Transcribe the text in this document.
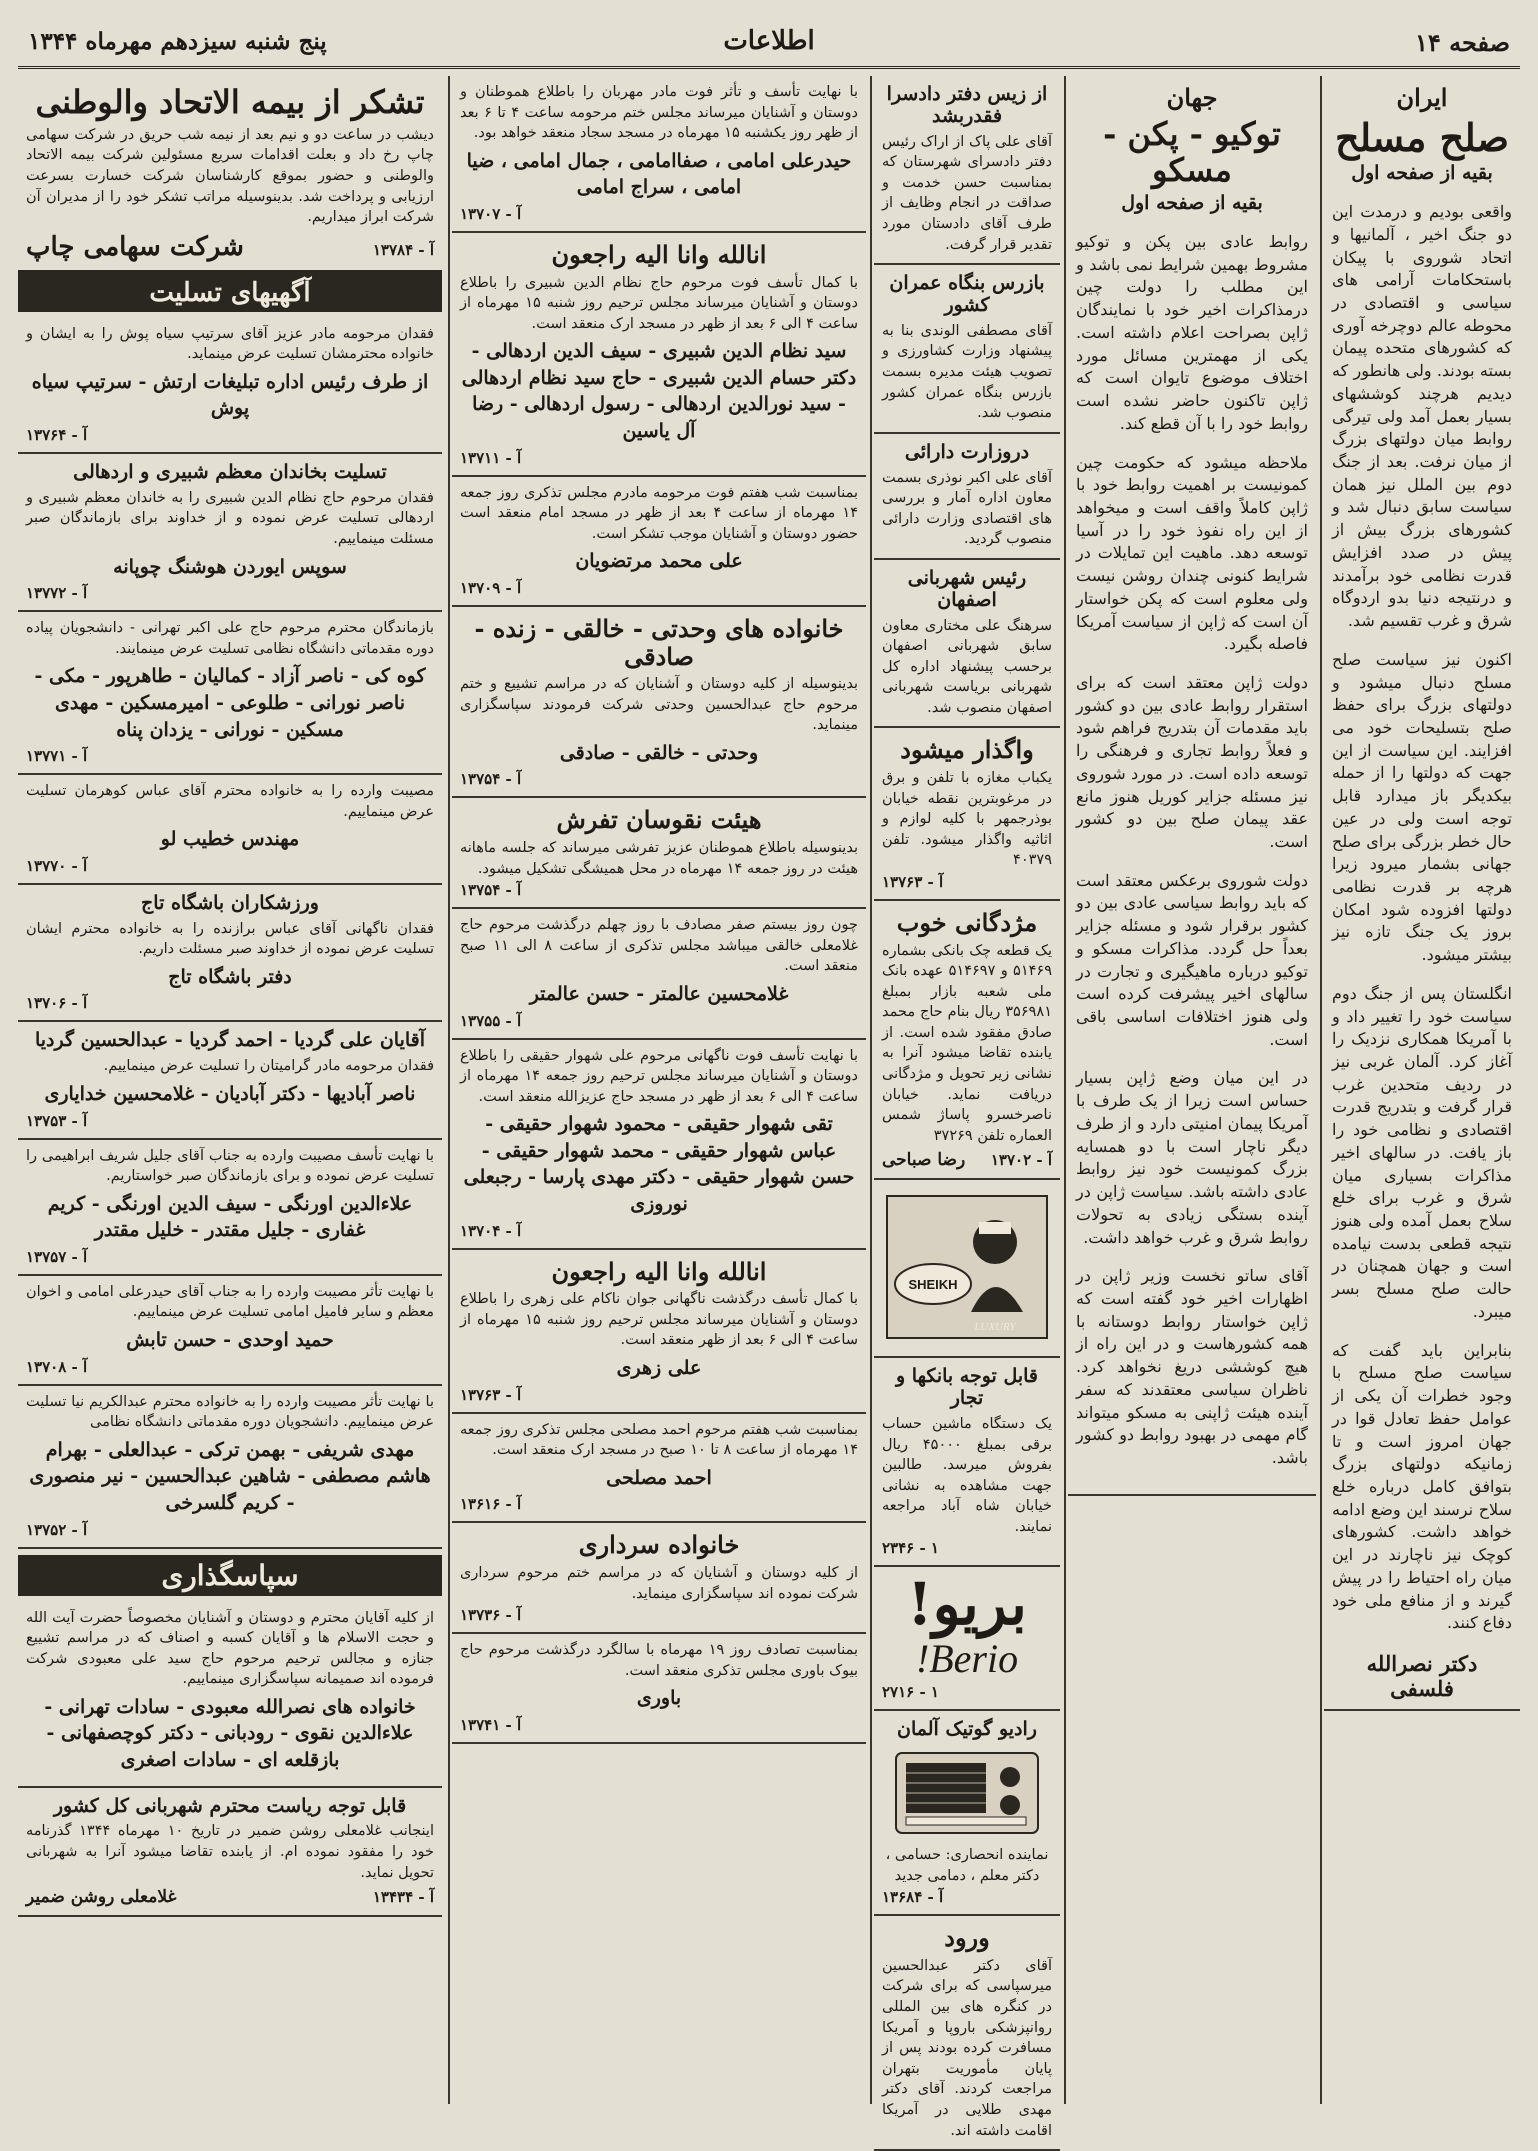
صفحه ۱۴
اطلاعات
پنج شنبه سیزدهم مهرماه ۱۳۴۴
ایران
صلح مسلح
بقیه از صفحه اول

واقعی بودیم و درمدت این دو جنگ اخیر ، آلمانیها و اتحاد شوروی با پیکان باستحکامات آرامی های سیاسی و اقتصادی در محوطه عالم دوچرخه آوری که کشورهای متحده پیمان بسته بودند. ولی هانطور که دیدیم هرچند کوششهای بسیار بعمل آمد ولی تیرگی روابط میان دولتهای بزرگ از میان نرفت. بعد از جنگ دوم بین الملل نیز همان سیاست سابق دنبال شد و کشورهای بزرگ بیش از پیش در صدد افزایش قدرت نظامی خود برآمدند و درنتیجه دنیا بدو اردوگاه شرق و غرب تقسیم شد.

اکنون نیز سیاست صلح مسلح دنبال میشود و دولتهای بزرگ برای حفظ صلح بتسلیحات خود می افزایند. این سیاست از این جهت که دولتها را از حمله بیکدیگر باز میدارد قابل توجه است ولی در عین حال خطر بزرگی برای صلح جهانی بشمار میرود زیرا هرچه بر قدرت نظامی دولتها افزوده شود امکان بروز یک جنگ تازه نیز بیشتر میشود.

انگلستان پس از جنگ دوم سیاست خود را تغییر داد و با آمریکا همکاری نزدیک را آغاز کرد. آلمان غربی نیز در ردیف متحدین غرب قرار گرفت و بتدریج قدرت اقتصادی و نظامی خود را باز یافت. در سالهای اخیر مذاکرات بسیاری میان شرق و غرب برای خلع سلاح بعمل آمده ولی هنوز نتیجه قطعی بدست نیامده است و جهان همچنان در حالت صلح مسلح بسر میبرد.

بنابراین باید گفت که سیاست صلح مسلح با وجود خطرات آن یکی از عوامل حفظ تعادل قوا در جهان امروز است و تا زمانیکه دولتهای بزرگ بتوافق کامل درباره خلع سلاح نرسند این وضع ادامه خواهد داشت. کشورهای کوچک نیز ناچارند در این میان راه احتیاط را در پیش گیرند و از منافع ملی خود دفاع کنند.

دکتر نصرالله فلسفی
جهان
توکیو - پکن - مسکو
بقیه از صفحه اول

روابط عادی بین پکن و توکیو مشروط بهمین شرایط نمی باشد و این مطلب را دولت چین درمذاکرات اخیر خود با نمایندگان ژاپن بصراحت اعلام داشته است. یکی از مهمترین مسائل مورد اختلاف موضوع تایوان است که ژاپن تاکنون حاضر نشده است روابط خود را با آن قطع کند.

ملاحظه میشود که حکومت چین کمونیست بر اهمیت روابط خود با ژاپن کاملاً واقف است و میخواهد از این راه نفوذ خود را در آسیا توسعه دهد. ماهیت این تمایلات در شرایط کنونی چندان روشن نیست ولی معلوم است که پکن خواستار آن است که ژاپن از سیاست آمریکا فاصله بگیرد.

دولت ژاپن معتقد است که برای استقرار روابط عادی بین دو کشور باید مقدمات آن بتدریج فراهم شود و فعلاً روابط تجاری و فرهنگی را توسعه داده است. در مورد شوروی نیز مسئله جزایر کوریل هنوز مانع عقد پیمان صلح بین دو کشور است.

دولت شوروی برعکس معتقد است که باید روابط سیاسی عادی بین دو کشور برقرار شود و مسئله جزایر بعداً حل گردد. مذاکرات مسکو و توکیو درباره ماهیگیری و تجارت در سالهای اخیر پیشرفت کرده است ولی هنوز اختلافات اساسی باقی است.

در این میان وضع ژاپن بسیار حساس است زیرا از یک طرف با آمریکا پیمان امنیتی دارد و از طرف دیگر ناچار است با دو همسایه بزرگ کمونیست خود نیز روابط عادی داشته باشد. سیاست ژاپن در آینده بستگی زیادی به تحولات روابط شرق و غرب خواهد داشت.

آقای ساتو نخست وزیر ژاپن در اظهارات اخیر خود گفته است که ژاپن خواستار روابط دوستانه با همه کشورهاست و در این راه از هیچ کوششی دریغ نخواهد کرد. ناظران سیاسی معتقدند که سفر آینده هیئت ژاپنی به مسکو میتواند گام مهمی در بهبود روابط دو کشور باشد.

از زیس دفتر دادسرا فقدربشد
آقای علی پاک از اراک رئیس دفتر دادسرای شهرستان که بمناسبت حسن خدمت و صداقت در انجام وظایف از طرف آقای دادستان مورد تقدیر قرار گرفت.
بازرس بنگاه عمران کشور
آقای مصطفی الوندی بنا به پیشنهاد وزارت کشاورزی و تصویب هیئت مدیره بسمت بازرس بنگاه عمران کشور منصوب شد.
دروزارت دارائی
آقای علی اکبر نوذری بسمت معاون اداره آمار و بررسی های اقتصادی وزارت دارائی منصوب گردید.
رئیس شهربانی اصفهان
سرهنگ علی مختاری معاون سابق شهربانی اصفهان برحسب پیشنهاد اداره کل شهربانی بریاست شهربانی اصفهان منصوب شد.
واگذار میشود
یکباب مغازه با تلفن و برق در مرغوبترین نقطه خیابان بوذرجمهر با کلیه لوازم و اثاثیه واگذار میشود. تلفن ۴۰۳۷۹
آ - ۱۳۷۶۳
مژدگانی خوب
یک قطعه چک بانکی بشماره ۵۱۴۶۹ و ۵۱۴۶۹۷ عهده بانک ملی شعبه بازار بمبلغ ۳۵۶۹۸۱ ریال بنام حاج محمد صادق مفقود شده است. از یابنده تقاضا میشود آنرا به نشانی زیر تحویل و مژدگانی دریافت نماید. خیابان ناصرخسرو پاساژ شمس العماره تلفن ۳۷۲۶۹
آ - ۱۳۷۰۲
رضا صباحی
SHEIKH
LUXURY
قابل توجه بانکها و تجار
یک دستگاه ماشین حساب برقی بمبلغ ۴۵۰۰۰ ریال بفروش میرسد. طالبین جهت مشاهده به نشانی خیابان شاه آباد مراجعه نمایند.
۲۳۴۶ - ۱
بریو!
Berio!
۲۷۱۶ - ۱
رادیو گوتیک آلمان
نماینده انحصاری: حسامی ، دکتر معلم ، دمامی جدید
آ - ۱۳۶۸۴
ورود
آقای دکتر عبدالحسین میرسپاسی که برای شرکت در کنگره های بین المللی روانپزشکی باروپا و آمریکا مسافرت کرده بودند پس از پایان مأموریت بتهران مراجعت کردند. آقای دکتر مهدی طلایی در آمریکا اقامت داشته اند.
با نهایت تأسف و تأثر فوت مادر مهربان را باطلاع هموطنان و دوستان و آشنایان میرساند مجلس ختم مرحومه ساعت ۴ تا ۶ بعد از ظهر روز یکشنبه ۱۵ مهرماه در مسجد سجاد منعقد خواهد بود.
حیدرعلی امامی ، صفاامامی ، جمال امامی ، ضیا امامی ، سراج امامی
آ - ۱۳۷۰۷
انالله وانا الیه راجعون
با کمال تأسف فوت مرحوم حاج نظام الدین شبیری را باطلاع دوستان و آشنایان میرساند مجلس ترحیم روز شنبه ۱۵ مهرماه از ساعت ۴ الی ۶ بعد از ظهر در مسجد ارک منعقد است.
سید نظام الدین شبیری - سیف الدین اردهالی - دکتر حسام الدین شبیری - حاج سید نظام اردهالی - سید نورالدین اردهالی - رسول اردهالی - رضا آل یاسین
آ - ۱۳۷۱۱
بمناسبت شب هفتم فوت مرحومه مادرم مجلس تذکری روز جمعه ۱۴ مهرماه از ساعت ۴ بعد از ظهر در مسجد امام منعقد است حضور دوستان و آشنایان موجب تشکر است.
علی محمد مرتضویان
آ - ۱۳۷۰۹
خانواده های وحدتی - خالقی - زنده - صادقی
بدینوسیله از کلیه دوستان و آشنایان که در مراسم تشییع و ختم مرحوم حاج عبدالحسین وحدتی شرکت فرمودند سپاسگزاری مینماید.
وحدتی - خالقی - صادقی
آ - ۱۳۷۵۴
هیئت نقوسان تفرش
بدینوسیله باطلاع هموطنان عزیز تفرشی میرساند که جلسه ماهانه هیئت در روز جمعه ۱۴ مهرماه در محل همیشگی تشکیل میشود.
آ - ۱۳۷۵۴
چون روز بیستم صفر مصادف با روز چهلم درگذشت مرحوم حاج غلامعلی خالقی میباشد مجلس تذکری از ساعت ۸ الی ۱۱ صبح منعقد است.
غلامحسین عالمتر - حسن عالمتر
آ - ۱۳۷۵۵
با نهایت تأسف فوت ناگهانی مرحوم علی شهوار حقیقی را باطلاع دوستان و آشنایان میرساند مجلس ترحیم روز جمعه ۱۴ مهرماه از ساعت ۴ الی ۶ بعد از ظهر در مسجد حاج عزیزالله منعقد است.
تقی شهوار حقیقی - محمود شهوار حقیقی - عباس شهوار حقیقی - محمد شهوار حقیقی - حسن شهوار حقیقی - دکتر مهدی پارسا - رجبعلی نوروزی
آ - ۱۳۷۰۴
انالله وانا الیه راجعون
با کمال تأسف درگذشت ناگهانی جوان ناکام علی زهری را باطلاع دوستان و آشنایان میرساند مجلس ترحیم روز شنبه ۱۵ مهرماه از ساعت ۴ الی ۶ بعد از ظهر منعقد است.
علی زهری
آ - ۱۳۷۶۳
بمناسبت شب هفتم مرحوم احمد مصلحی مجلس تذکری روز جمعه ۱۴ مهرماه از ساعت ۸ تا ۱۰ صبح در مسجد ارک منعقد است.
احمد مصلحی
آ - ۱۳۶۱۶
خانواده سرداری
از کلیه دوستان و آشنایان که در مراسم ختم مرحوم سرداری شرکت نموده اند سپاسگزاری مینماید.
آ - ۱۳۷۳۶
بمناسبت تصادف روز ۱۹ مهرماه با سالگرد درگذشت مرحوم حاج بیوک باوری مجلس تذکری منعقد است.
باوری
آ - ۱۳۷۴۱
تشکر از بیمه الاتحاد والوطنی
دیشب در ساعت دو و نیم بعد از نیمه شب حریق در شرکت سهامی چاپ رخ داد و بعلت اقدامات سریع مسئولین شرکت بیمه الاتحاد والوطنی و حضور بموقع کارشناسان شرکت خسارت بسرعت ارزیابی و پرداخت شد. بدینوسیله مراتب تشکر خود را از مدیران آن شرکت ابراز میداریم.
آ - ۱۳۷۸۴
شرکت سهامی چاپ
آگهیهای تسلیت
فقدان مرحومه مادر عزیز آقای سرتیپ سیاه پوش را به ایشان و خانواده محترمشان تسلیت عرض مینماید.
از طرف رئیس اداره تبلیغات ارتش - سرتیپ سیاه پوش
آ - ۱۳۷۶۴
تسلیت بخاندان معظم شبیری و اردهالی
فقدان مرحوم حاج نظام الدین شبیری را به خاندان معظم شبیری و اردهالی تسلیت عرض نموده و از خداوند برای بازماندگان صبر مسئلت مینماییم.
سوپس ایوردن هوشنگ چوپانه
آ - ۱۳۷۷۲
بازماندگان محترم مرحوم حاج علی اکبر تهرانی - دانشجویان پیاده دوره مقدماتی دانشگاه نظامی تسلیت عرض مینمایند.
کوه کی - ناصر آزاد - کمالیان - طاهرپور - مکی - ناصر نورانی - طلوعی - امیرمسکین - مهدی مسکین - نورانی - یزدان پناه
آ - ۱۳۷۷۱
مصیبت وارده را به خانواده محترم آقای عباس کوهرمان تسلیت عرض مینماییم.
مهندس خطیب لو
آ - ۱۳۷۷۰
ورزشکاران باشگاه تاج
فقدان ناگهانی آقای عباس برازنده را به خانواده محترم ایشان تسلیت عرض نموده از خداوند صبر مسئلت داریم.
دفتر باشگاه تاج
آ - ۱۳۷۰۶
آقایان علی گردیا - احمد گردیا - عبدالحسین گردیا
فقدان مرحومه مادر گرامیتان را تسلیت عرض مینماییم.
ناصر آبادیها - دکتر آبادیان - غلامحسین خدایاری
آ - ۱۳۷۵۳
با نهایت تأسف مصیبت وارده به جناب آقای جلیل شریف ابراهیمی را تسلیت عرض نموده و برای بازماندگان صبر خواستاریم.
علاءالدین اورنگی - سیف الدین اورنگی - کریم غفاری - جلیل مقتدر - خلیل مقتدر
آ - ۱۳۷۵۷
با نهایت تأثر مصیبت وارده را به جناب آقای حیدرعلی امامی و اخوان معظم و سایر فامیل امامی تسلیت عرض مینماییم.
حمید اوحدی - حسن تابش
آ - ۱۳۷۰۸
با نهایت تأثر مصیبت وارده را به خانواده محترم عبدالکریم نیا تسلیت عرض مینماییم. دانشجویان دوره مقدماتی دانشگاه نظامی
مهدی شریفی - بهمن ترکی - عبدالعلی - بهرام هاشم مصطفی - شاهین عبدالحسین - نیر منصوری - کریم گلسرخی
آ - ۱۳۷۵۲
سپاسگذاری
از کلیه آقایان محترم و دوستان و آشنایان مخصوصاً حضرت آیت الله و حجت الاسلام ها و آقایان کسبه و اصناف که در مراسم تشییع جنازه و مجالس ترحیم مرحوم حاج سید علی معبودی شرکت فرموده اند صمیمانه سپاسگزاری مینماییم.
خانواده های نصرالله معبودی - سادات تهرانی - علاءالدین نقوی - رودبانی - دکتر کوچصفهانی - بازقلعه ای - سادات اصغری
قابل توجه ریاست محترم شهربانی کل کشور
اینجانب غلامعلی روشن ضمیر در تاریخ ۱۰ مهرماه ۱۳۴۴ گذرنامه خود را مفقود نموده ام. از یابنده تقاضا میشود آنرا به شهربانی تحویل نماید.
آ - ۱۳۴۳۴
غلامعلی روشن ضمیر
